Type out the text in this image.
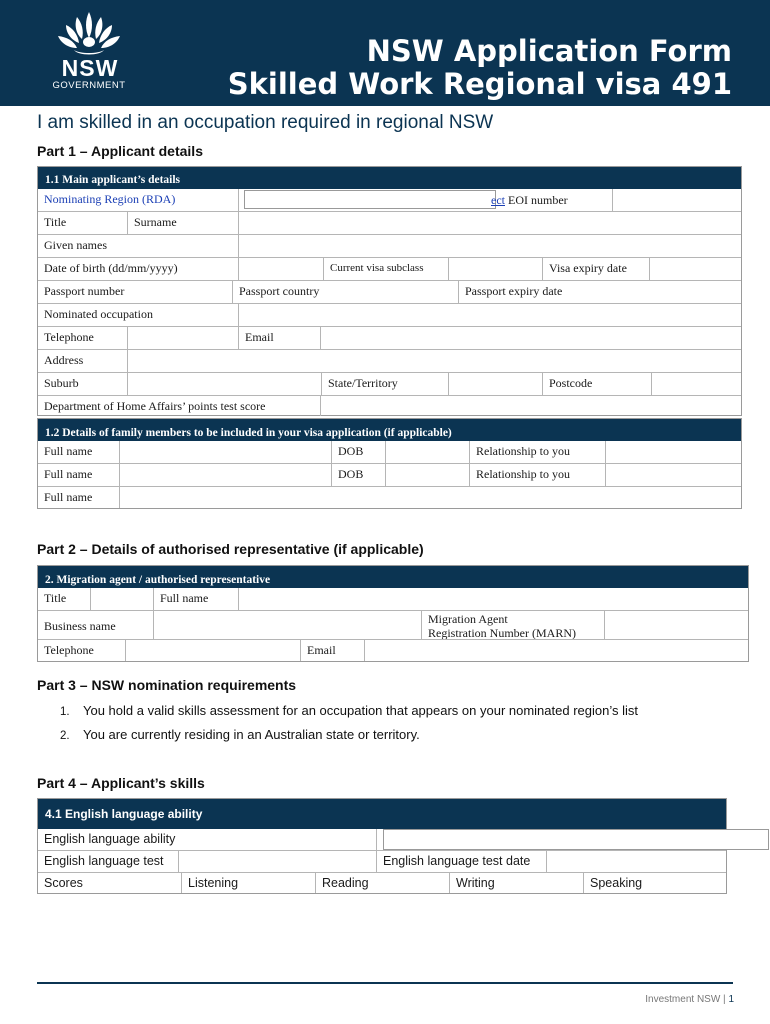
NSW
GOVERNMENT
NSW Application Form
Skilled Work Regional visa 491
I am skilled in an occupation required in regional NSW
Part 1 – Applicant details
1.1 Main applicant’s details
Nominating Region (RDA)	ect EOI number
Title	Surname
Given names
Date of birth (dd/mm/yyyy)	Current visa subclass	Visa expiry date
Passport number	Passport country	Passport expiry date
Nominated occupation
Telephone	Email
Address
Suburb	State/Territory	Postcode
Department of Home Affairs’ points test score
1.2 Details of family members to be included in your visa application (if applicable)
Full name	DOB	Relationship to you
Full name	DOB	Relationship to you
Full name
Part 2 – Details of authorised representative (if applicable)
2. Migration agent / authorised representative
Title	Full name
Business name	Migration Agent
Registration Number (MARN)
Telephone	Email
Part 3 – NSW nomination requirements
1. You hold a valid skills assessment for an occupation that appears on your nominated region’s list
2. You are currently residing in an Australian state or territory.
Part 4 – Applicant’s skills
4.1 English language ability
English language ability
English language test	English language test date
Scores	Listening	Reading	Writing	Speaking
Investment NSW | 1
